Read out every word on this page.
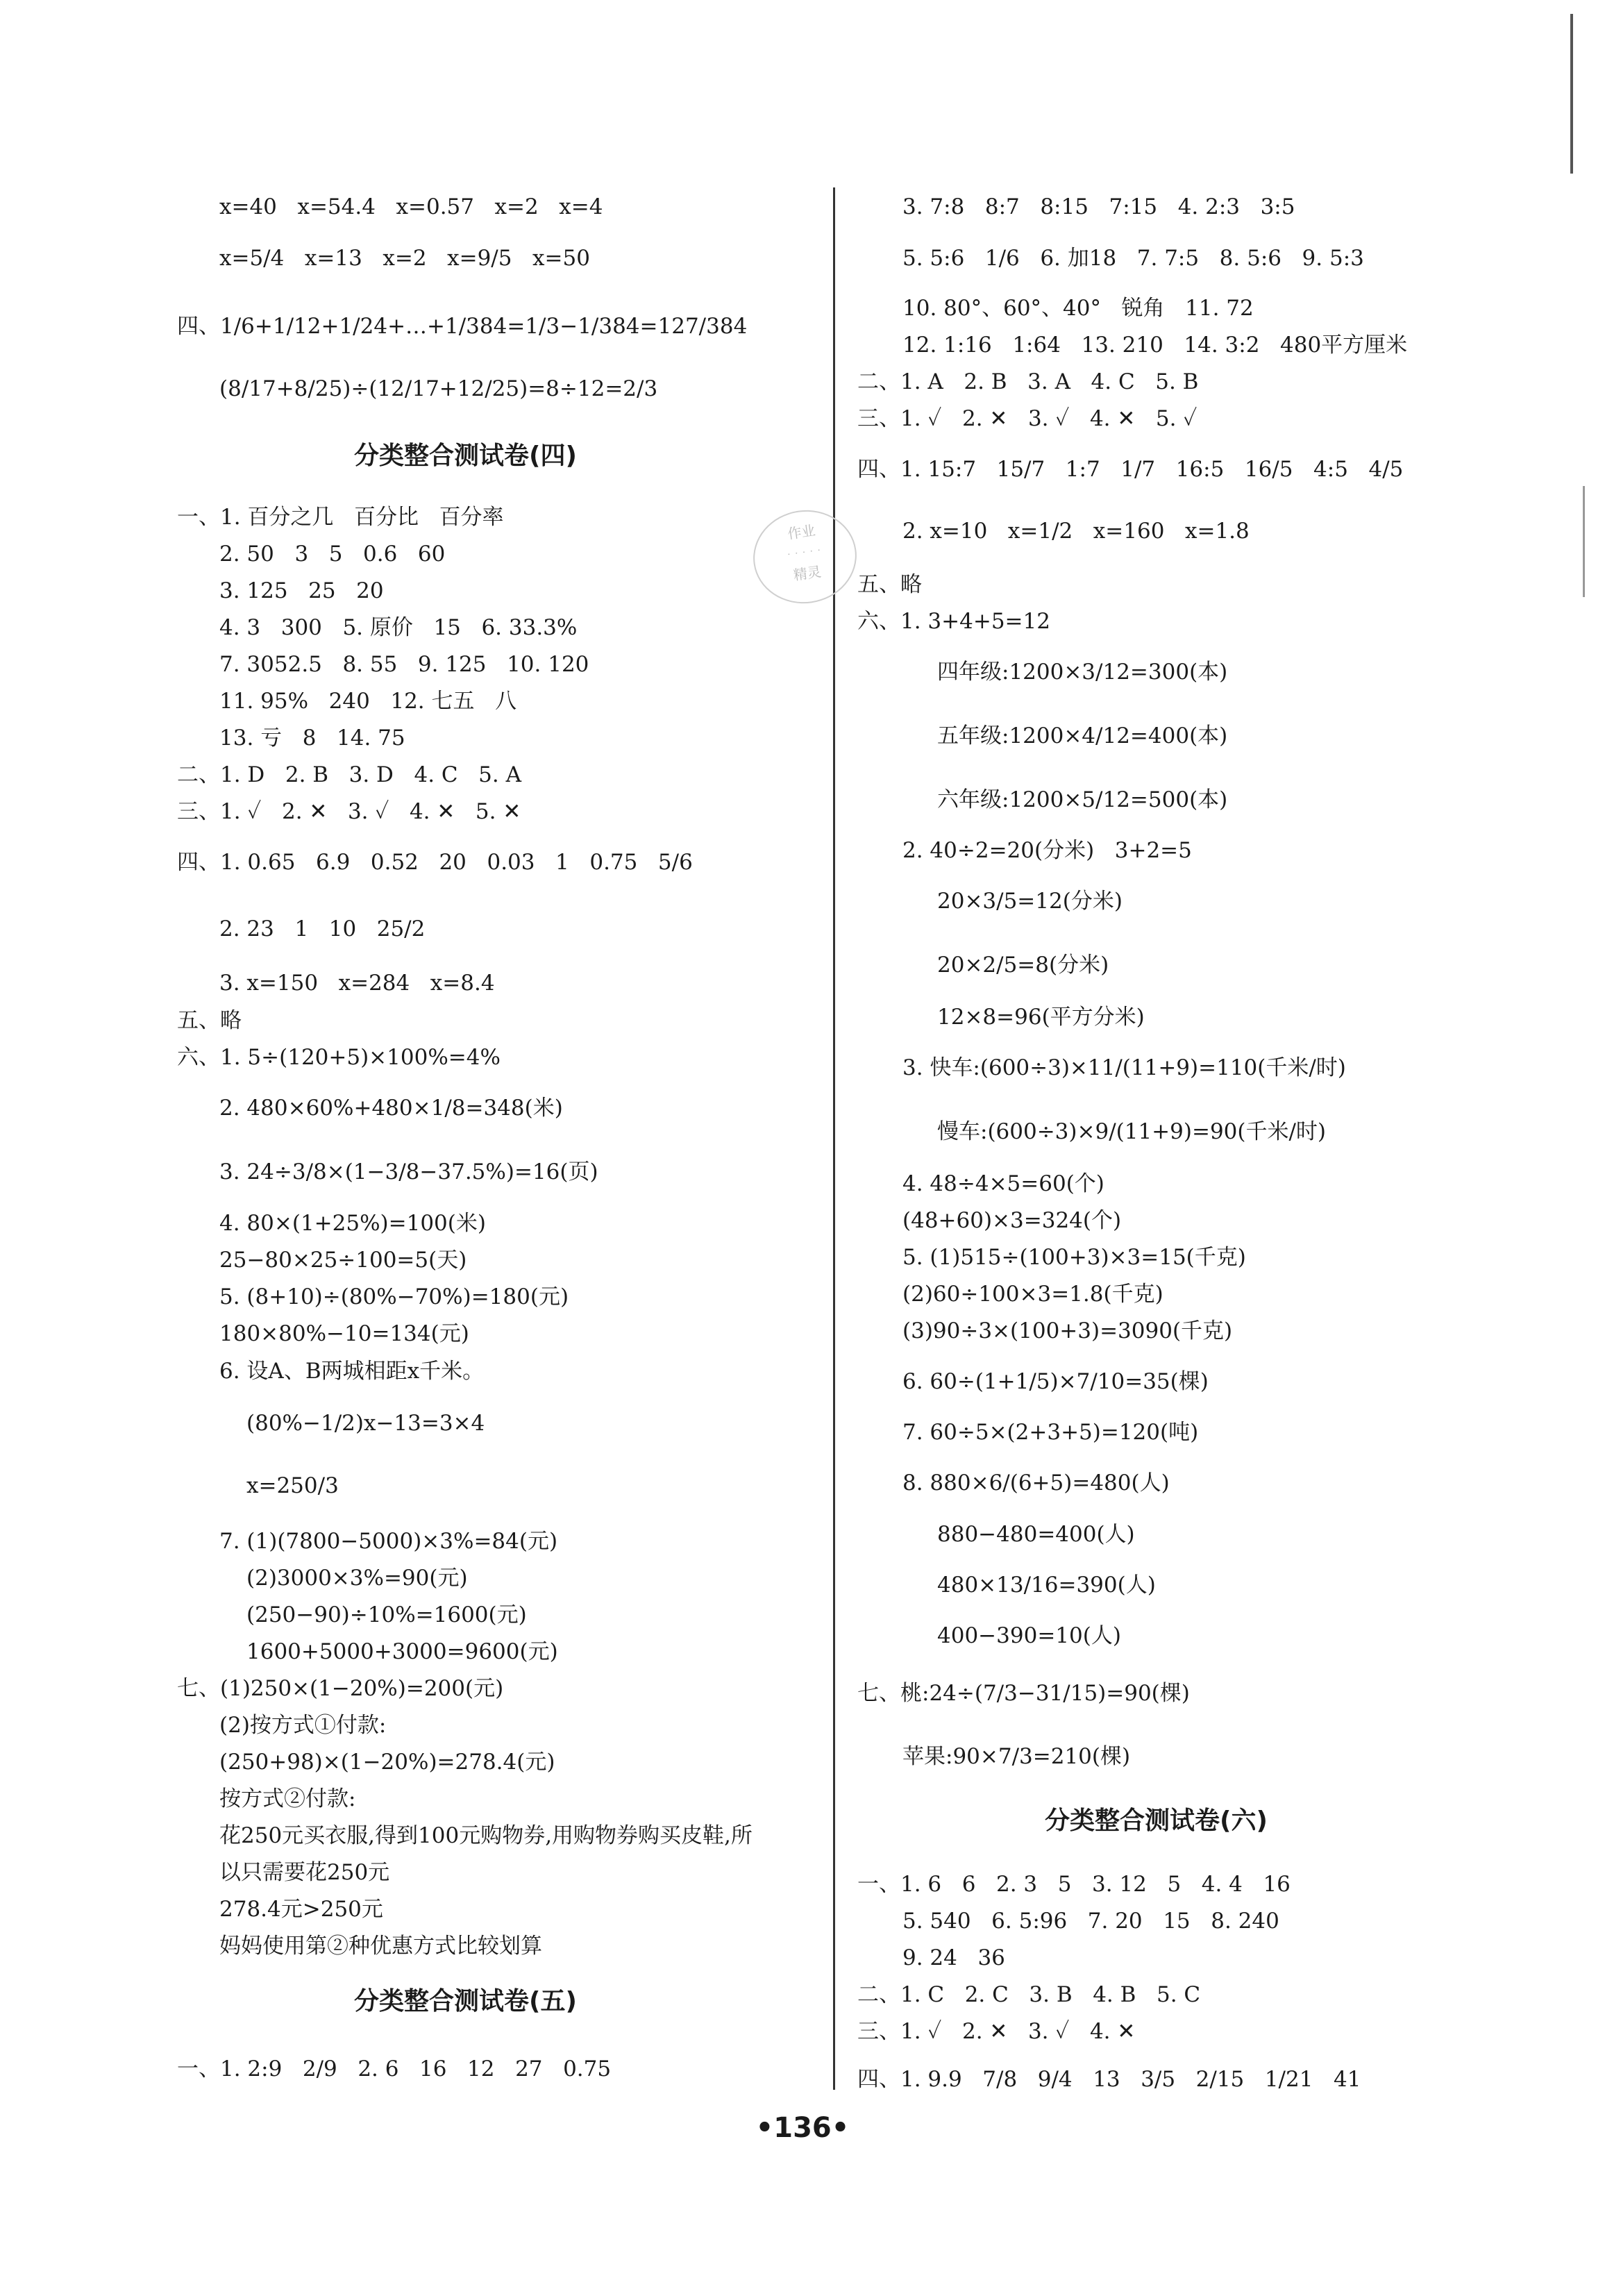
x=40   x=54.4   x=0.57   x=2   x=4
x=5/4   x=13   x=2   x=9/5   x=50
四、1/6+1/12+1/24+…+1/384=1/3−1/384=127/384
(8/17+8/25)÷(12/17+12/25)=8÷12=2/3
分类整合测试卷(四)
一、1. 百分之几   百分比   百分率
2. 50   3   5   0.6   60
3. 125   25   20
4. 3   300   5. 原价   15   6. 33.3%
7. 3052.5   8. 55   9. 125   10. 120
11. 95%   240   12. 七五   八
13. 亏   8   14. 75
二、1. D   2. B   3. D   4. C   5. A
三、1. ✓   2. ✕   3. ✓   4. ✕   5. ✕
四、1. 0.65   6.9   0.52   20   0.03   1   0.75   5/6
2. 23   1   10   25/2
3. x=150   x=284   x=8.4
五、略
六、1. 5÷(120+5)×100%=4%
2. 480×60%+480×1/8=348(米)
3. 24÷3/8×(1−3/8−37.5%)=16(页)
4. 80×(1+25%)=100(米)
25−80×25÷100=5(天)
5. (8+10)÷(80%−70%)=180(元)
180×80%−10=134(元)
6. 设A、B两城相距x千米。
(80%−1/2)x−13=3×4
x=250/3
7. (1)(7800−5000)×3%=84(元)
(2)3000×3%=90(元)
(250−90)÷10%=1600(元)
1600+5000+3000=9600(元)
七、(1)250×(1−20%)=200(元)
(2)按方式①付款:
(250+98)×(1−20%)=278.4(元)
按方式②付款:
花250元买衣服,得到100元购物券,用购物券购买皮鞋,所
以只需要花250元
278.4元>250元
妈妈使用第②种优惠方式比较划算
分类整合测试卷(五)
一、1. 2:9   2/9   2. 6   16   12   27   0.75
3. 7:8   8:7   8:15   7:15   4. 2:3   3:5
5. 5:6   1/6   6. 加18   7. 7:5   8. 5:6   9. 5:3
10. 80°、60°、40°   锐角   11. 72
12. 1:16   1:64   13. 210   14. 3:2   480平方厘米
二、1. A   2. B   3. A   4. C   5. B
三、1. ✓   2. ✕   3. ✓   4. ✕   5. ✓
四、1. 15:7   15/7   1:7   1/7   16:5   16/5   4:5   4/5
2. x=10   x=1/2   x=160   x=1.8
五、略
六、1. 3+4+5=12
四年级:1200×3/12=300(本)
五年级:1200×4/12=400(本)
六年级:1200×5/12=500(本)
2. 40÷2=20(分米)   3+2=5
20×3/5=12(分米)
20×2/5=8(分米)
12×8=96(平方分米)
3. 快车:(600÷3)×11/(11+9)=110(千米/时)
慢车:(600÷3)×9/(11+9)=90(千米/时)
4. 48÷4×5=60(个)
(48+60)×3=324(个)
5. (1)515÷(100+3)×3=15(千克)
(2)60÷100×3=1.8(千克)
(3)90÷3×(100+3)=3090(千克)
6. 60÷(1+1/5)×7/10=35(棵)
7. 60÷5×(2+3+5)=120(吨)
8. 880×6/(6+5)=480(人)
880−480=400(人)
480×13/16=390(人)
400−390=10(人)
七、桃:24÷(7/3−31/15)=90(棵)
苹果:90×7/3=210(棵)
分类整合测试卷(六)
一、1. 6   6   2. 3   5   3. 12   5   4. 4   16
5. 540   6. 5:96   7. 20   15   8. 240
9. 24   36
二、1. C   2. C   3. B   4. B   5. C
三、1. ✓   2. ✕   3. ✓   4. ✕
四、1. 9.9   7/8   9/4   13   3/5   2/15   1/21   41
作业
· · · · ·
精灵
•136•
